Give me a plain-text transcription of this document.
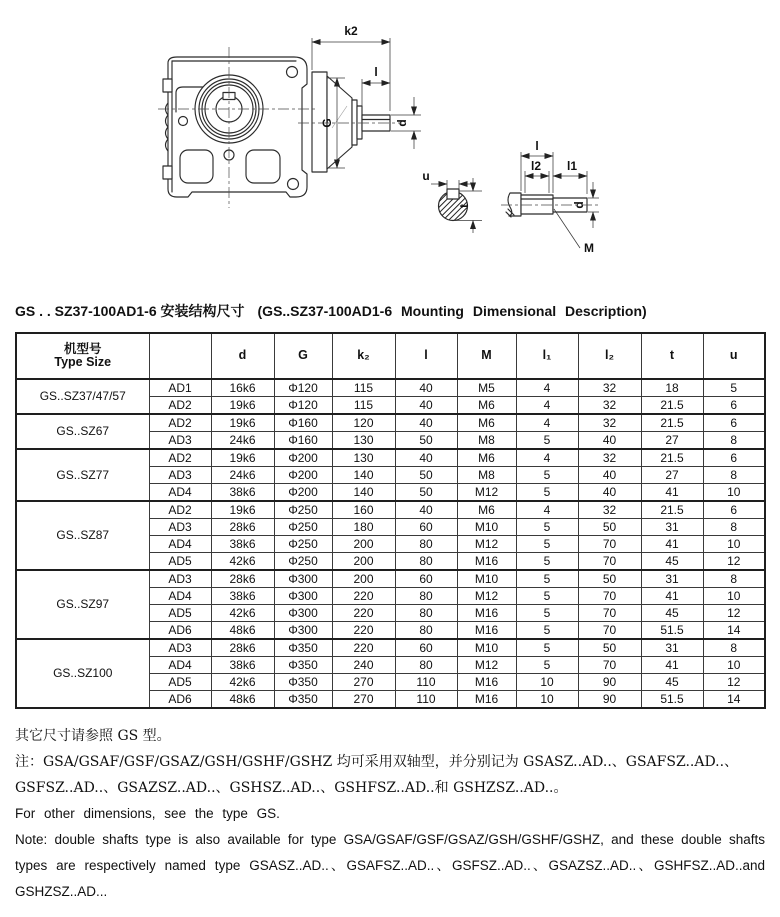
k2
l
G	d
u
t
l
l2 l1
d
M
GS . . SZ37-100AD1-6 安装结构尺寸 (GS..SZ37-100AD1-6 Mounting Dimensional Description)
机型号
Type Size		d	G	k₂	l	M	l₁	l₂	t	u
GS..SZ37/47/57	AD1	16k6	Φ120	115	40	M5	4	32	18	5
	AD2	19k6	Φ120	115	40	M6	4	32	21.5	6
GS..SZ67	AD2	19k6	Φ160	120	40	M6	4	32	21.5	6
	AD3	24k6	Φ160	130	50	M8	5	40	27	8
GS..SZ77	AD2	19k6	Φ200	130	40	M6	4	32	21.5	6
	AD3	24k6	Φ200	140	50	M8	5	40	27	8
	AD4	38k6	Φ200	140	50	M12	5	40	41	10
GS..SZ87	AD2	19k6	Φ250	160	40	M6	4	32	21.5	6
	AD3	28k6	Φ250	180	60	M10	5	50	31	8
	AD4	38k6	Φ250	200	80	M12	5	70	41	10
	AD5	42k6	Φ250	200	80	M16	5	70	45	12
GS..SZ97	AD3	28k6	Φ300	200	60	M10	5	50	31	8
	AD4	38k6	Φ300	220	80	M12	5	70	41	10
	AD5	42k6	Φ300	220	80	M16	5	70	45	12
	AD6	48k6	Φ300	220	80	M16	5	70	51.5	14
GS..SZ100	AD3	28k6	Φ350	220	60	M10	5	50	31	8
	AD4	38k6	Φ350	240	80	M12	5	70	41	10
	AD5	42k6	Φ350	270	110	M16	10	90	45	12
	AD6	48k6	Φ350	270	110	M16	10	90	51.5	14

其它尺寸请参照 GS 型。

注：GSA/GSAF/GSF/GSAZ/GSH/GSHF/GSHZ 均可采用双轴型，并分别记为 GSASZ..AD..、GSAFSZ..AD..、GSFSZ..AD..、GSAZSZ..AD..、GSHSZ..AD..、GSHFSZ..AD..和 GSHZSZ..AD..。

For other dimensions, see the type GS.

Note: double shafts type is also available for type GSA/GSAF/GSF/GSAZ/GSH/GSHF/GSHZ, and these double shafts types are respectively named type GSASZ..AD..、GSAFSZ..AD..、GSFSZ..AD..、GSAZSZ..AD..、GSHFSZ..AD..and GSHZSZ..AD...
